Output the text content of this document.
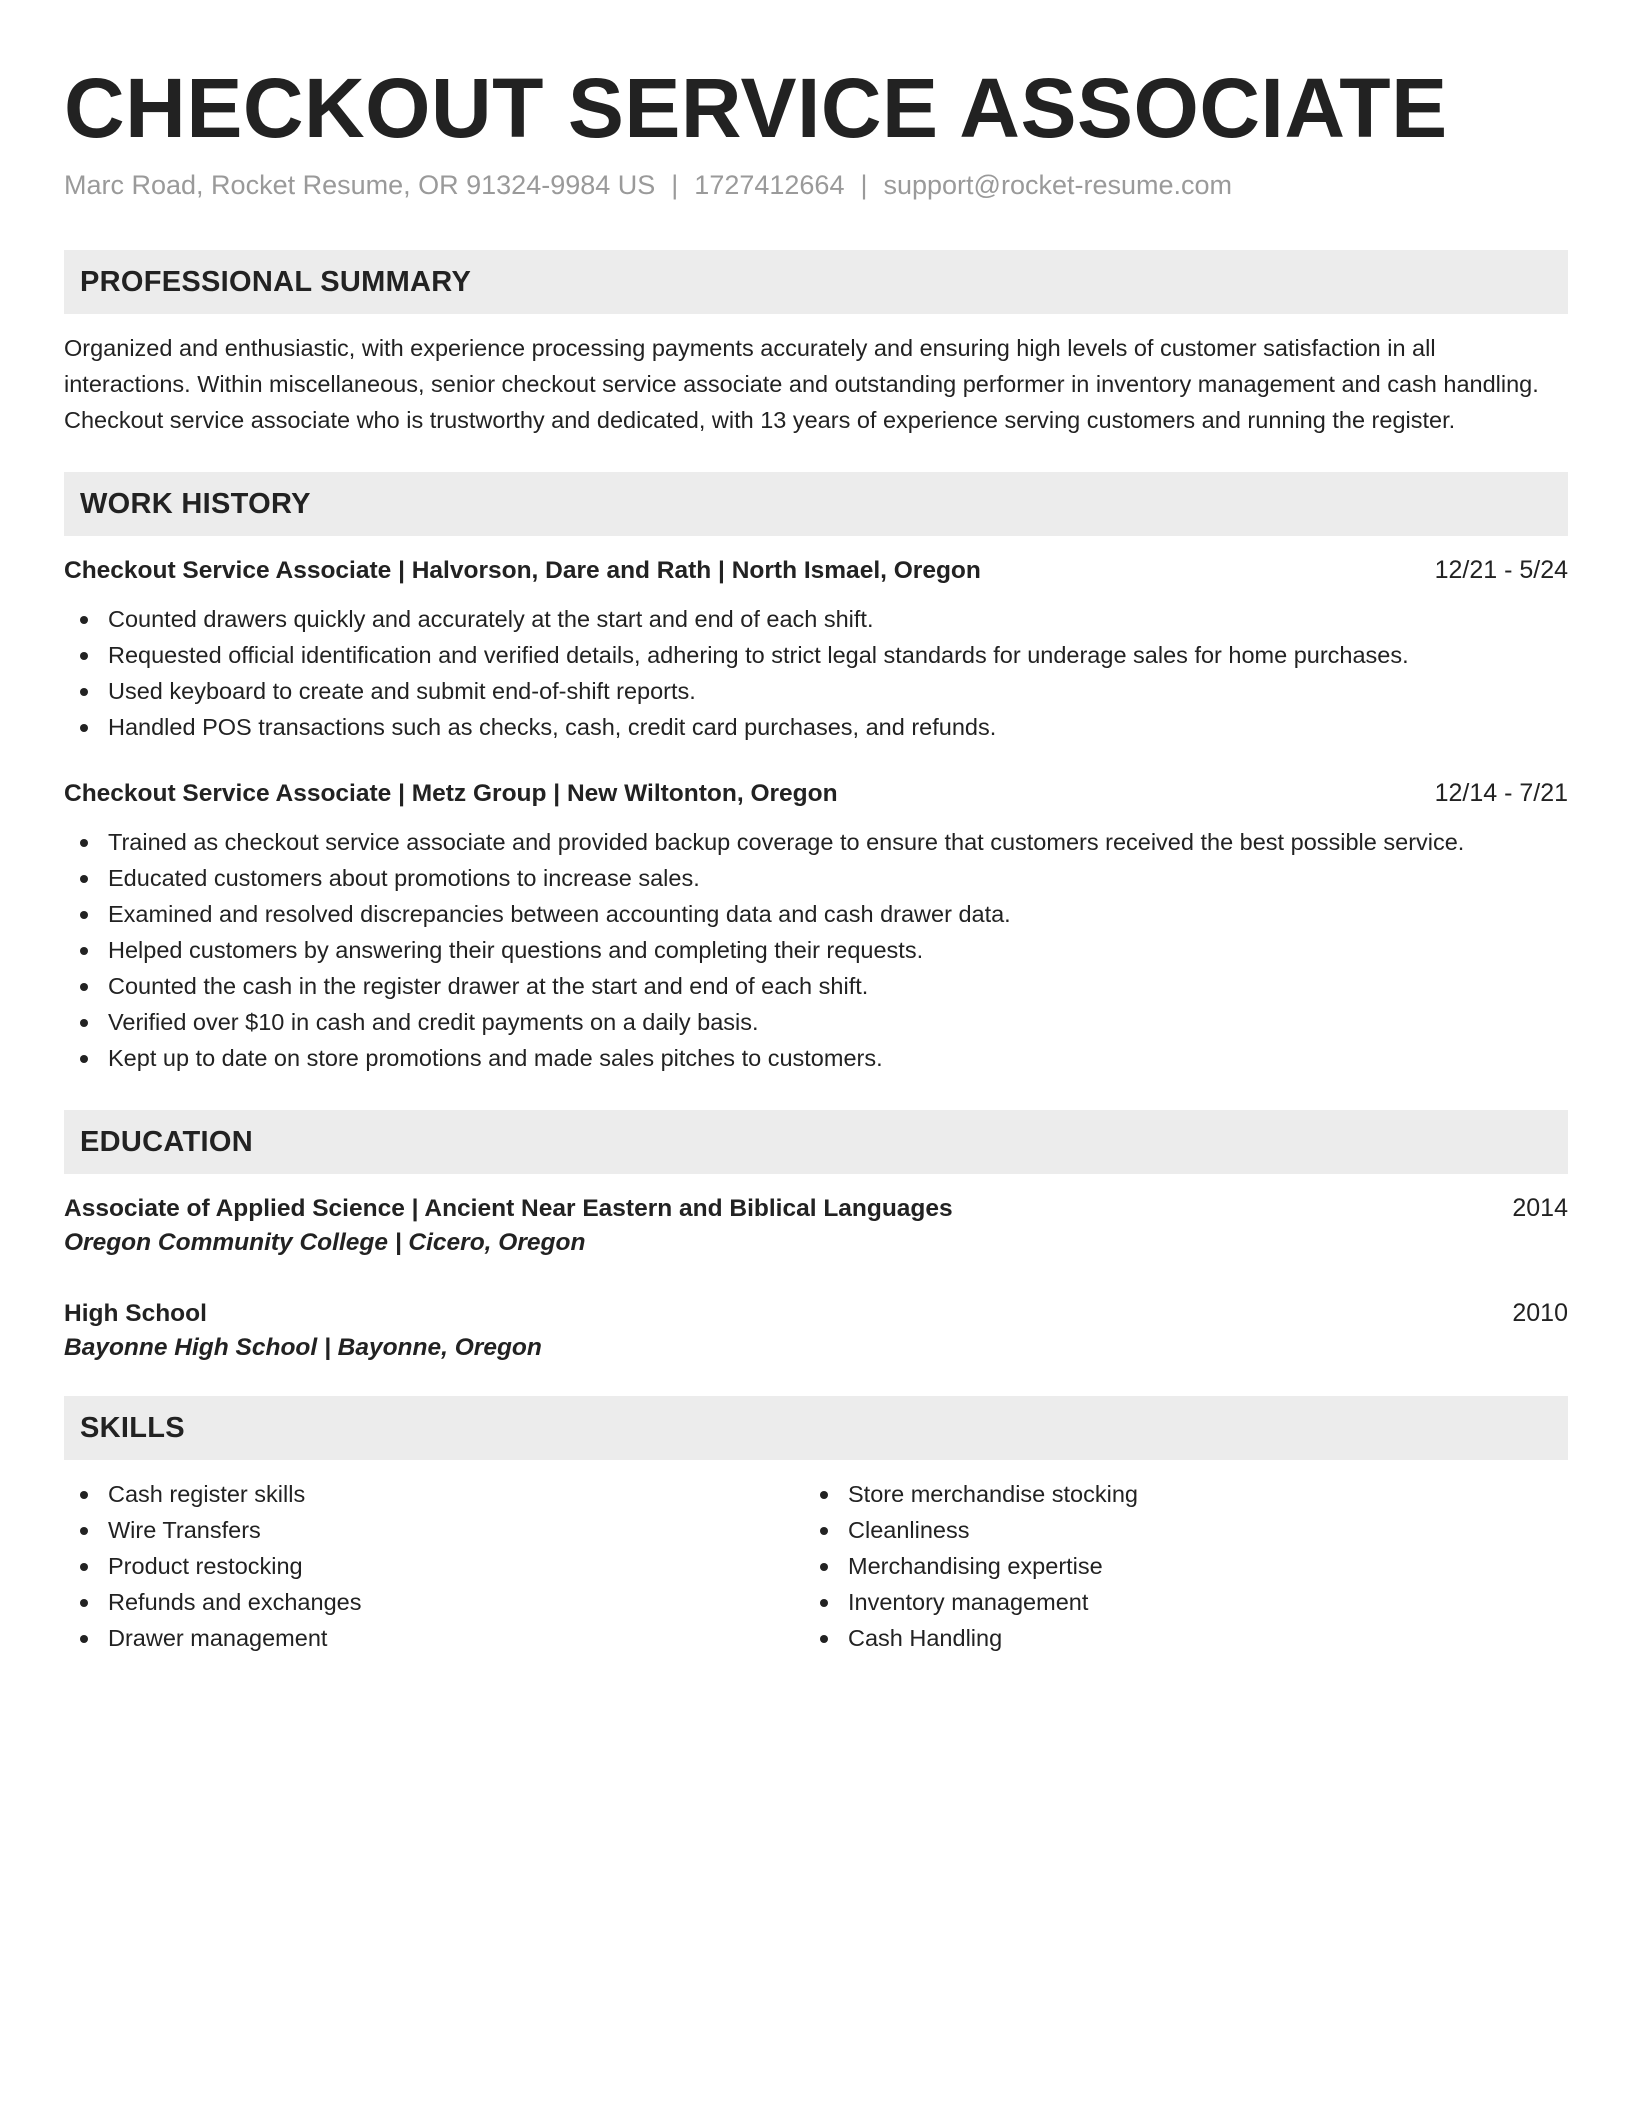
CHECKOUT SERVICE ASSOCIATE
Marc Road, Rocket Resume, OR 91324-9984 US | 1727412664 | support@rocket-resume.com
PROFESSIONAL SUMMARY

Organized and enthusiastic, with experience processing payments accurately and ensuring high levels of customer satisfaction in all interactions. Within miscellaneous, senior checkout service associate and outstanding performer in inventory management and cash handling. Checkout service associate who is trustworthy and dedicated, with 13 years of experience serving customers and running the register.

WORK HISTORY
Checkout Service Associate | Halvorson, Dare and Rath | North Ismael, Oregon	12/21 - 5/24
Counted drawers quickly and accurately at the start and end of each shift.
Requested official identification and verified details, adhering to strict legal standards for underage sales for home purchases.
Used keyboard to create and submit end-of-shift reports.
Handled POS transactions such as checks, cash, credit card purchases, and refunds.
Checkout Service Associate | Metz Group | New Wiltonton, Oregon	12/14 - 7/21
Trained as checkout service associate and provided backup coverage to ensure that customers received the best possible service.
Educated customers about promotions to increase sales.
Examined and resolved discrepancies between accounting data and cash drawer data.
Helped customers by answering their questions and completing their requests.
Counted the cash in the register drawer at the start and end of each shift.
Verified over $10 in cash and credit payments on a daily basis.
Kept up to date on store promotions and made sales pitches to customers.
EDUCATION
Associate of Applied Science | Ancient Near Eastern and Biblical Languages	2014
Oregon Community College | Cicero, Oregon
High School	2010
Bayonne High School | Bayonne, Oregon
SKILLS
Cash register skills
Wire Transfers
Product restocking
Refunds and exchanges
Drawer management
Store merchandise stocking
Cleanliness
Merchandising expertise
Inventory management
Cash Handling
